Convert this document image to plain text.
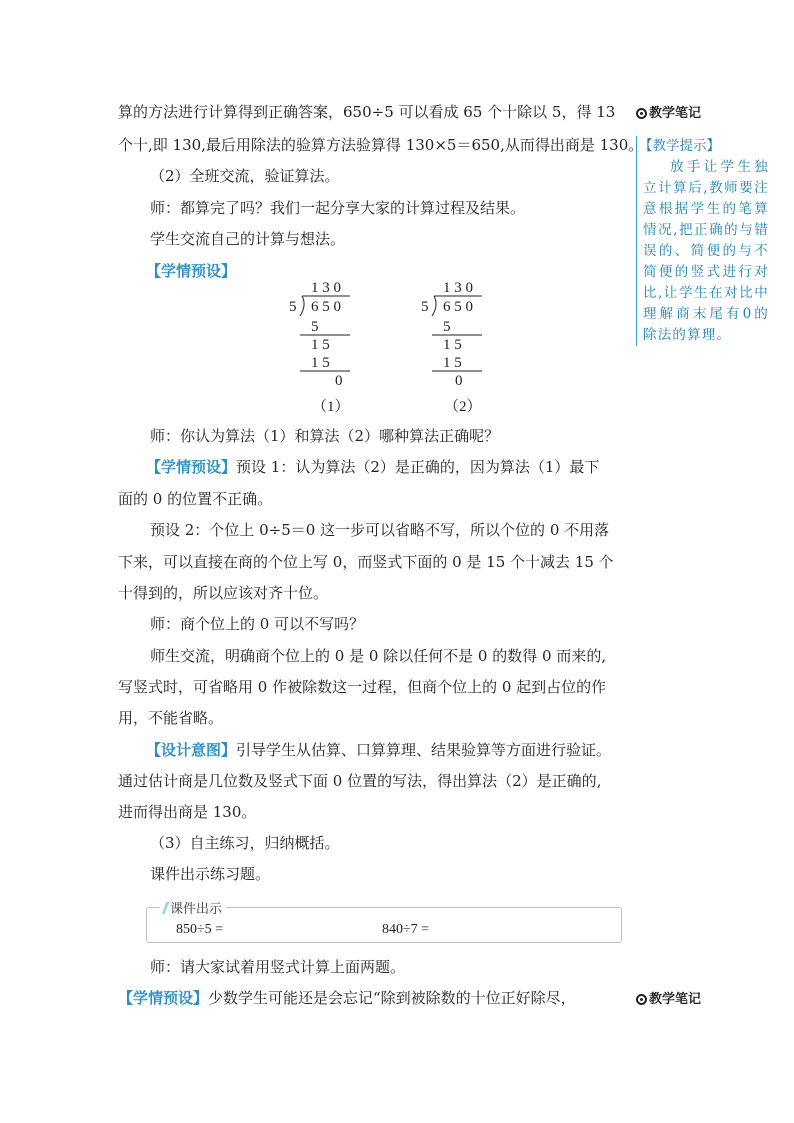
教学笔记
【教学提示】
放手让学生独立计算后,教师要注意根据学生的笔算情况,把正确的与错误的、简便的与不简便的竖式进行对比,让学生在对比中理解商末尾有0的除法的算理。
教学笔记
算的方法进行计算得到正确答案，650÷5 可以看成 65 个十除以 5，得 13
个十,即 130,最后用除法的验算方法验算得 130×5＝650,从而得出商是 130。
（2）全班交流，验证算法。
师：都算完了吗？我们一起分享大家的计算过程及结果。
学生交流自己的计算与想法。
【学情预设】
1 3 0
5 6 5 0
5
1 5
1 5
0
（1）
1 3 0
5 6 5 0
5
1 5
1 5
0
（2）
师：你认为算法（1）和算法（2）哪种算法正确呢？
【学情预设】预设 1：认为算法（2）是正确的，因为算法（1）最下
面的 0 的位置不正确。
预设 2：个位上 0÷5＝0 这一步可以省略不写，所以个位的 0 不用落
下来，可以直接在商的个位上写 0，而竖式下面的 0 是 15 个十减去 15 个
十得到的，所以应该对齐十位。
师：商个位上的 0 可以不写吗？
师生交流，明确商个位上的 0 是 0 除以任何不是 0 的数得 0 而来的,
写竖式时，可省略用 0 作被除数这一过程，但商个位上的 0 起到占位的作
用，不能省略。
【设计意图】引导学生从估算、口算算理、结果验算等方面进行验证。
通过估计商是几位数及竖式下面 0 位置的写法，得出算法（2）是正确的,
进而得出商是 130。
（3）自主练习，归纳概括。
课件出示练习题。
课件出示
850÷5 =	840÷7 =
师：请大家试着用竖式计算上面两题。
【学情预设】少数学生可能还是会忘记“除到被除数的十位正好除尽，
